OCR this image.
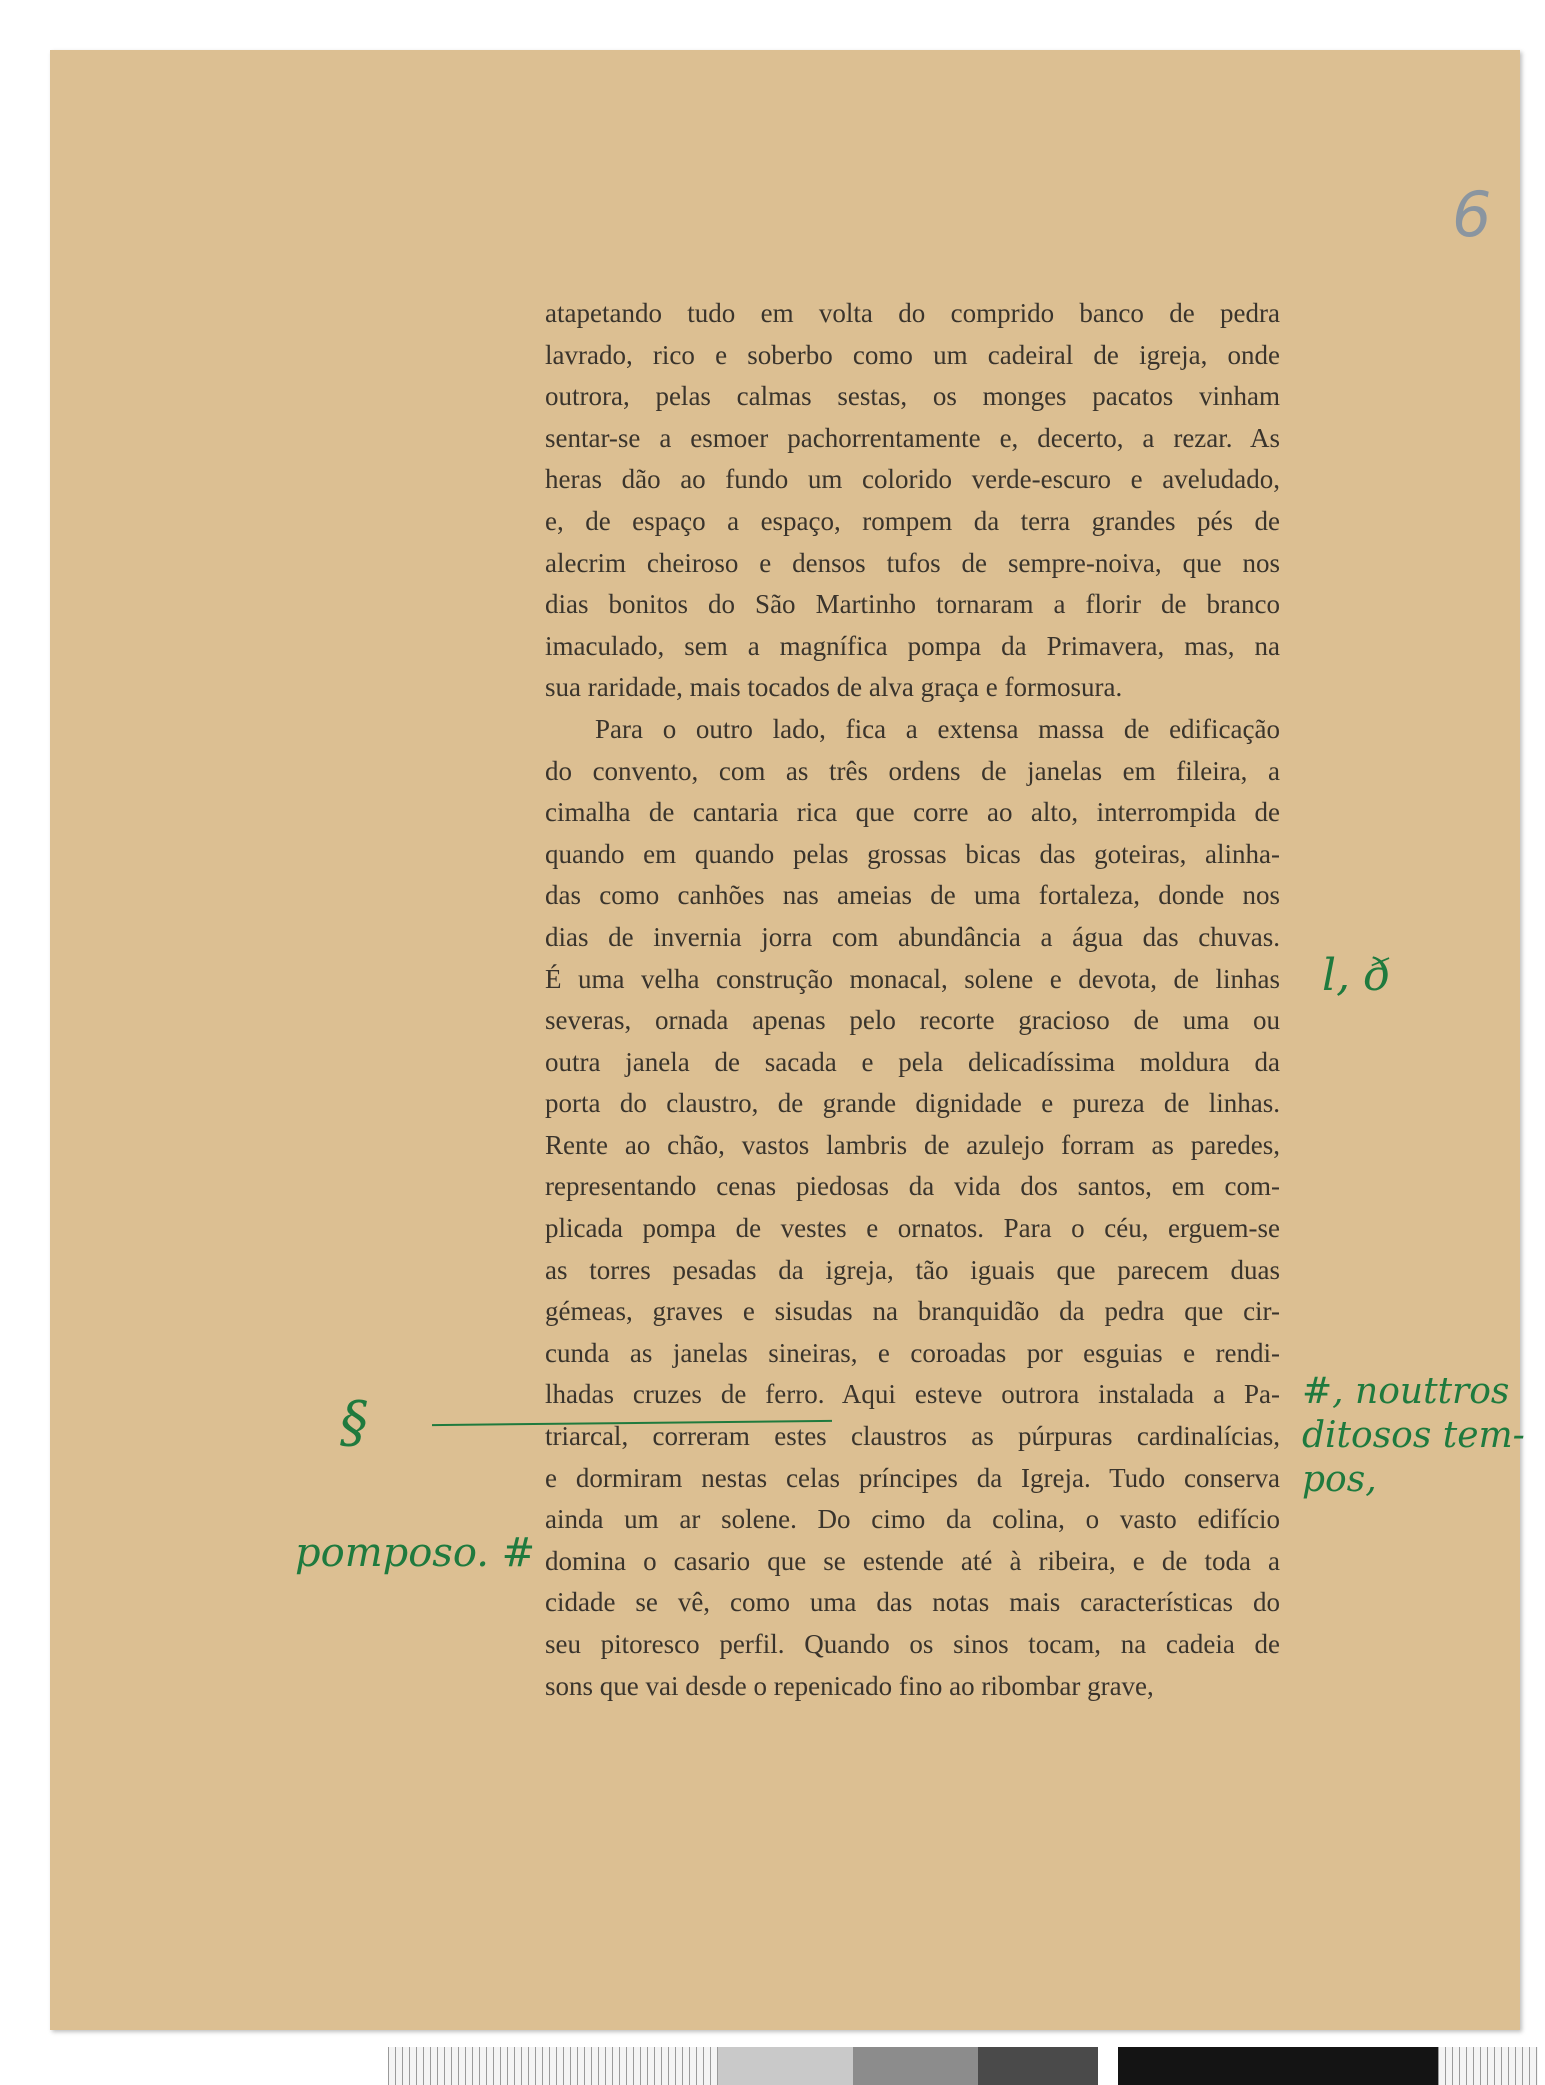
6

atapetando tudo em volta do comprido banco de pedra
lavrado, rico e soberbo como um cadeiral de igreja, onde
outrora, pelas calmas sestas, os monges pacatos vinham
sentar-se a esmoer pachorrentamente e, decerto, a rezar. As
heras dão ao fundo um colorido verde-escuro e aveludado,
e, de espaço a espaço, rompem da terra grandes pés de
alecrim cheiroso e densos tufos de sempre-noiva, que nos
dias bonitos do São Martinho tornaram a florir de branco
imaculado, sem a magnífica pompa da Primavera, mas, na
sua raridade, mais tocados de alva graça e formosura.

Para o outro lado, fica a extensa massa de edificação
do convento, com as três ordens de janelas em fileira, a
cimalha de cantaria rica que corre ao alto, interrompida de
quando em quando pelas grossas bicas das goteiras, alinha-
das como canhões nas ameias de uma fortaleza, donde nos
dias de invernia jorra com abundância a água das chuvas.
É uma velha construção monacal, solene e devota, de linhas
severas, ornada apenas pelo recorte gracioso de uma ou
outra janela de sacada e pela delicadíssima moldura da
porta do claustro, de grande dignidade e pureza de linhas.
Rente ao chão, vastos lambris de azulejo forram as paredes,
representando cenas piedosas da vida dos santos, em com-
plicada pompa de vestes e ornatos. Para o céu, erguem-se
as torres pesadas da igreja, tão iguais que parecem duas
gémeas, graves e sisudas na branquidão da pedra que cir-
cunda as janelas sineiras, e coroadas por esguias e rendi-
lhadas cruzes de ferro. Aqui esteve outrora instalada a Pa-
triarcal, correram estes claustros as púrpuras cardinalícias,
e dormiram nestas celas príncipes da Igreja. Tudo conserva
ainda um ar solene. Do cimo da colina, o vasto edifício
domina o casario que se estende até à ribeira, e de toda a
cidade se vê, como uma das notas mais características do
seu pitoresco perfil. Quando os sinos tocam, na cadeia de
sons que vai desde o repenicado fino ao ribombar grave,

l, ð
#, nouttros ditosos tem- pos,
§
pomposo. #
